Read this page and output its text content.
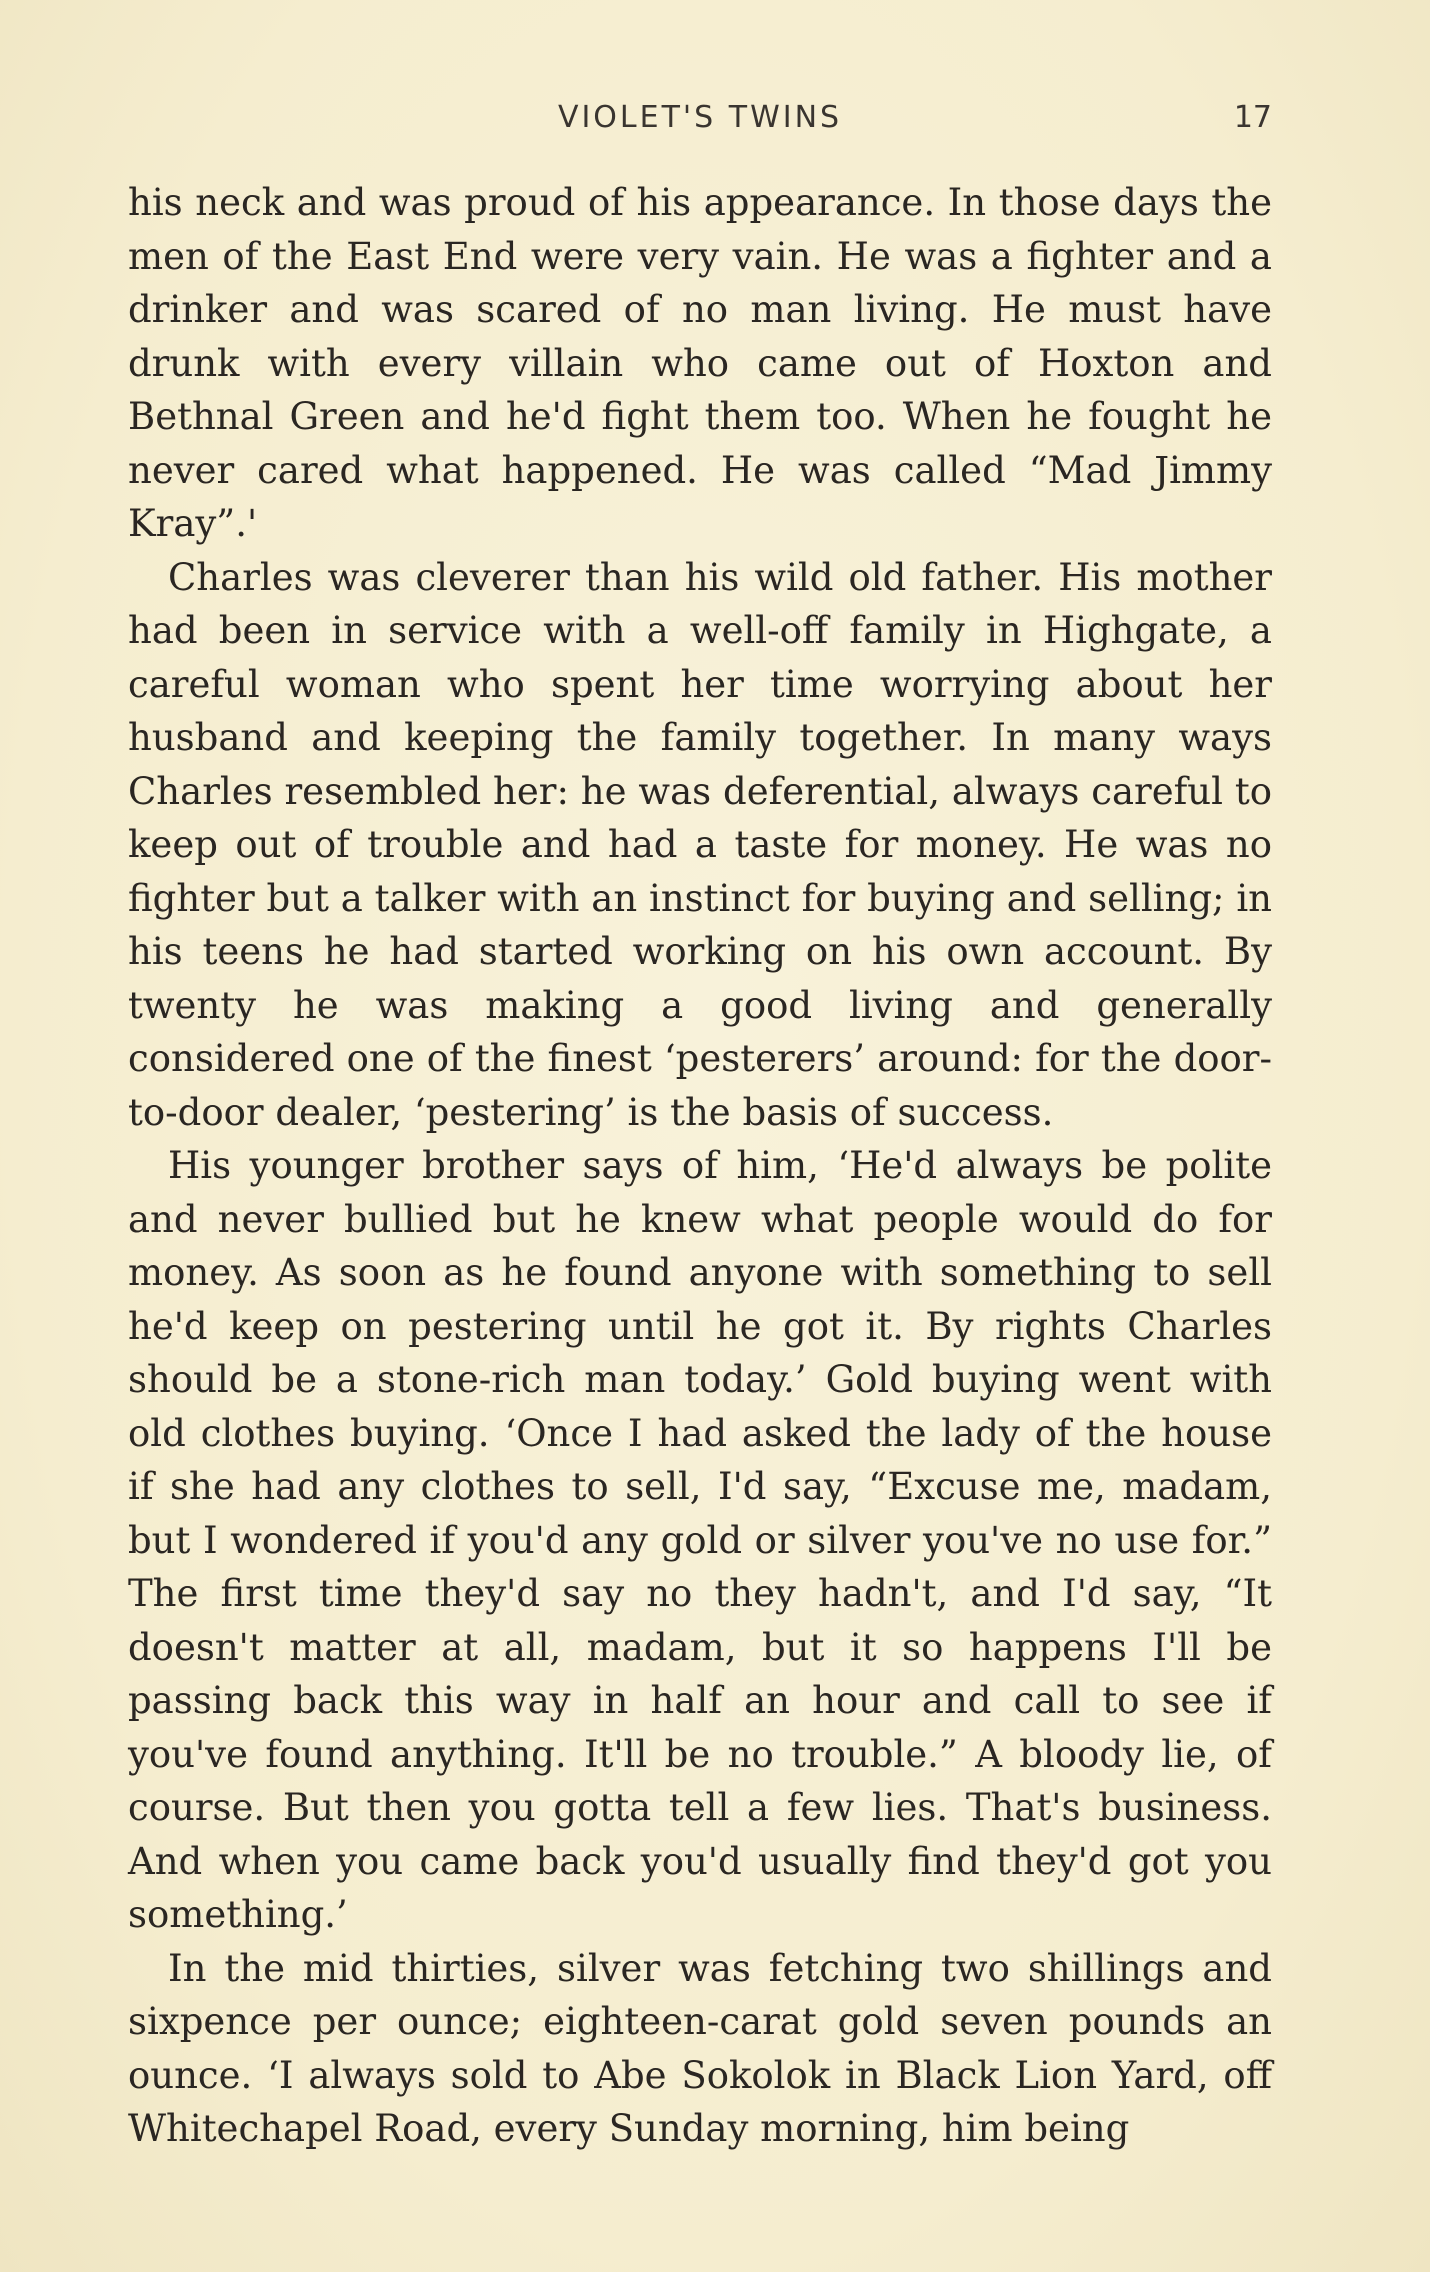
VIOLET'S TWINS	17

his neck and was proud of his appearance. In those days the men of the East End were very vain. He was a fighter and a drinker and was scared of no man living. He must have drunk with every villain who came out of Hoxton and Bethnal Green and he'd fight them too. When he fought he never cared what happened. He was called “Mad Jimmy Kray”.'

Charles was cleverer than his wild old father. His mother had been in service with a well-off family in Highgate, a careful woman who spent her time worrying about her husband and keeping the family together. In many ways Charles resembled her: he was deferential, always careful to keep out of trouble and had a taste for money. He was no fighter but a talker with an instinct for buying and selling; in his teens he had started working on his own account. By twenty he was making a good living and generally considered one of the finest ‘pesterers’ around: for the door-to-door dealer, ‘pestering’ is the basis of success.

His younger brother says of him, ‘He'd always be polite and never bullied but he knew what people would do for money. As soon as he found anyone with something to sell he'd keep on pestering until he got it. By rights Charles should be a stone-rich man today.’ Gold buying went with old clothes buying. ‘Once I had asked the lady of the house if she had any clothes to sell, I'd say, “Excuse me, madam, but I wondered if you'd any gold or silver you've no use for.” The first time they'd say no they hadn't, and I'd say, “It doesn't matter at all, madam, but it so happens I'll be passing back this way in half an hour and call to see if you've found anything. It'll be no trouble.” A bloody lie, of course. But then you gotta tell a few lies. That's business. And when you came back you'd usually find they'd got you something.’

In the mid thirties, silver was fetching two shillings and sixpence per ounce; eighteen-carat gold seven pounds an ounce. ‘I always sold to Abe Sokolok in Black Lion Yard, off Whitechapel Road, every Sunday morning, him being
